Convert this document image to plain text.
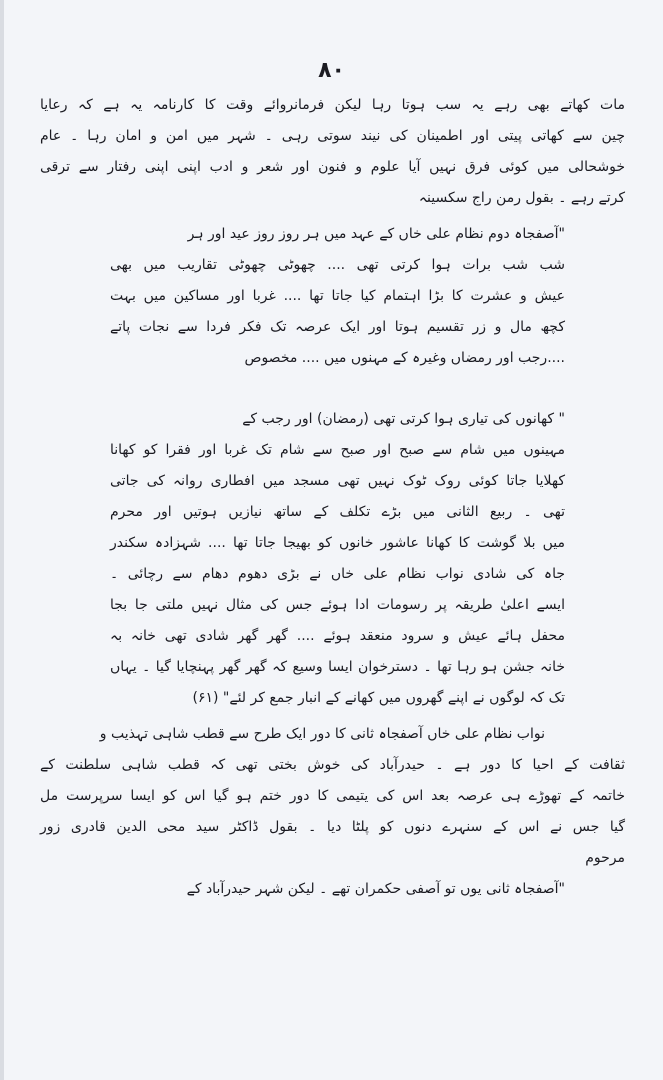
۸۰
مات کھاتے بھی رہے یہ سب ہوتا رہا لیکن فرمانروائے وقت کا کارنامہ یہ ہے کہ رعایا
چین سے کھاتی پیتی اور اطمینان کی نیند سوتی رہی ۔ شہر میں امن و امان رہا ۔ عام
خوشحالی میں کوئی فرق نہیں آیا علوم و فنون اور شعر و ادب اپنی اپنی رفتار سے ترقی
کرتے رہے ۔ بقول رمن راج سکسینہ
"آصفجاہ دوم نظام علی خاں کے عہد میں ہر روز روز عید اور ہر
شب شب برات ہوا کرتی تھی .... چھوٹی چھوٹی تقاریب میں بھی
عیش و عشرت کا بڑا اہتمام کیا جاتا تھا .... غربا اور مساکین میں بہت
کچھ مال و زر تقسیم ہوتا اور ایک عرصہ تک فکر فردا سے نجات پاتے
....رجب اور رمضاں وغیرہ کے مہنوں میں .... مخصوص
" کھانوں کی تیاری ہوا کرتی تھی (رمضان) اور رجب کے
مہینوں میں شام سے صبح اور صبح سے شام تک غربا اور فقرا کو کھانا
کھلایا جاتا کوئی روک ٹوک نہیں تھی مسجد میں افطاری روانہ کی جاتی
تھی ۔ ربیع الثانی میں بڑے تکلف کے ساتھ نیازیں ہوتیں اور محرم
میں بلا گوشت کا کھانا عاشور خانوں کو بھیجا جاتا تھا .... شہزادہ سکندر
جاہ کی شادی نواب نظام علی خاں نے بڑی دھوم دھام سے رچائی ۔
ایسے اعلیٰ طریقہ پر رسومات ادا ہوئے جس کی مثال نہیں ملتی جا بجا
محفل ہائے عیش و سرود منعقد ہوئے .... گھر گھر شادی تھی خانہ بہ
خانہ جشن ہو رہا تھا ۔ دسترخوان ایسا وسیع کہ گھر گھر پہنچایا گیا ۔ یہاں
تک کہ لوگوں نے اپنے گھروں میں کھانے کے انبار جمع کر لئے" (۶۱)
نواب نظام علی خاں آصفجاہ ثانی کا دور ایک طرح سے قطب شاہی تہذیب و
ثقافت کے احیا کا دور ہے ۔ حیدرآباد کی خوش بختی تھی کہ قطب شاہی سلطنت کے
خاتمہ کے تھوڑے ہی عرصہ بعد اس کی یتیمی کا دور ختم ہو گیا اس کو ایسا سرپرست مل
گیا جس نے اس کے سنہرے دنوں کو پلٹا دیا ۔ بقول ڈاکٹر سید محی الدین قادری زور
مرحوم
"آصفجاہ ثانی یوں تو آصفی حکمران تھے ۔ لیکن شہر حیدرآباد کے
